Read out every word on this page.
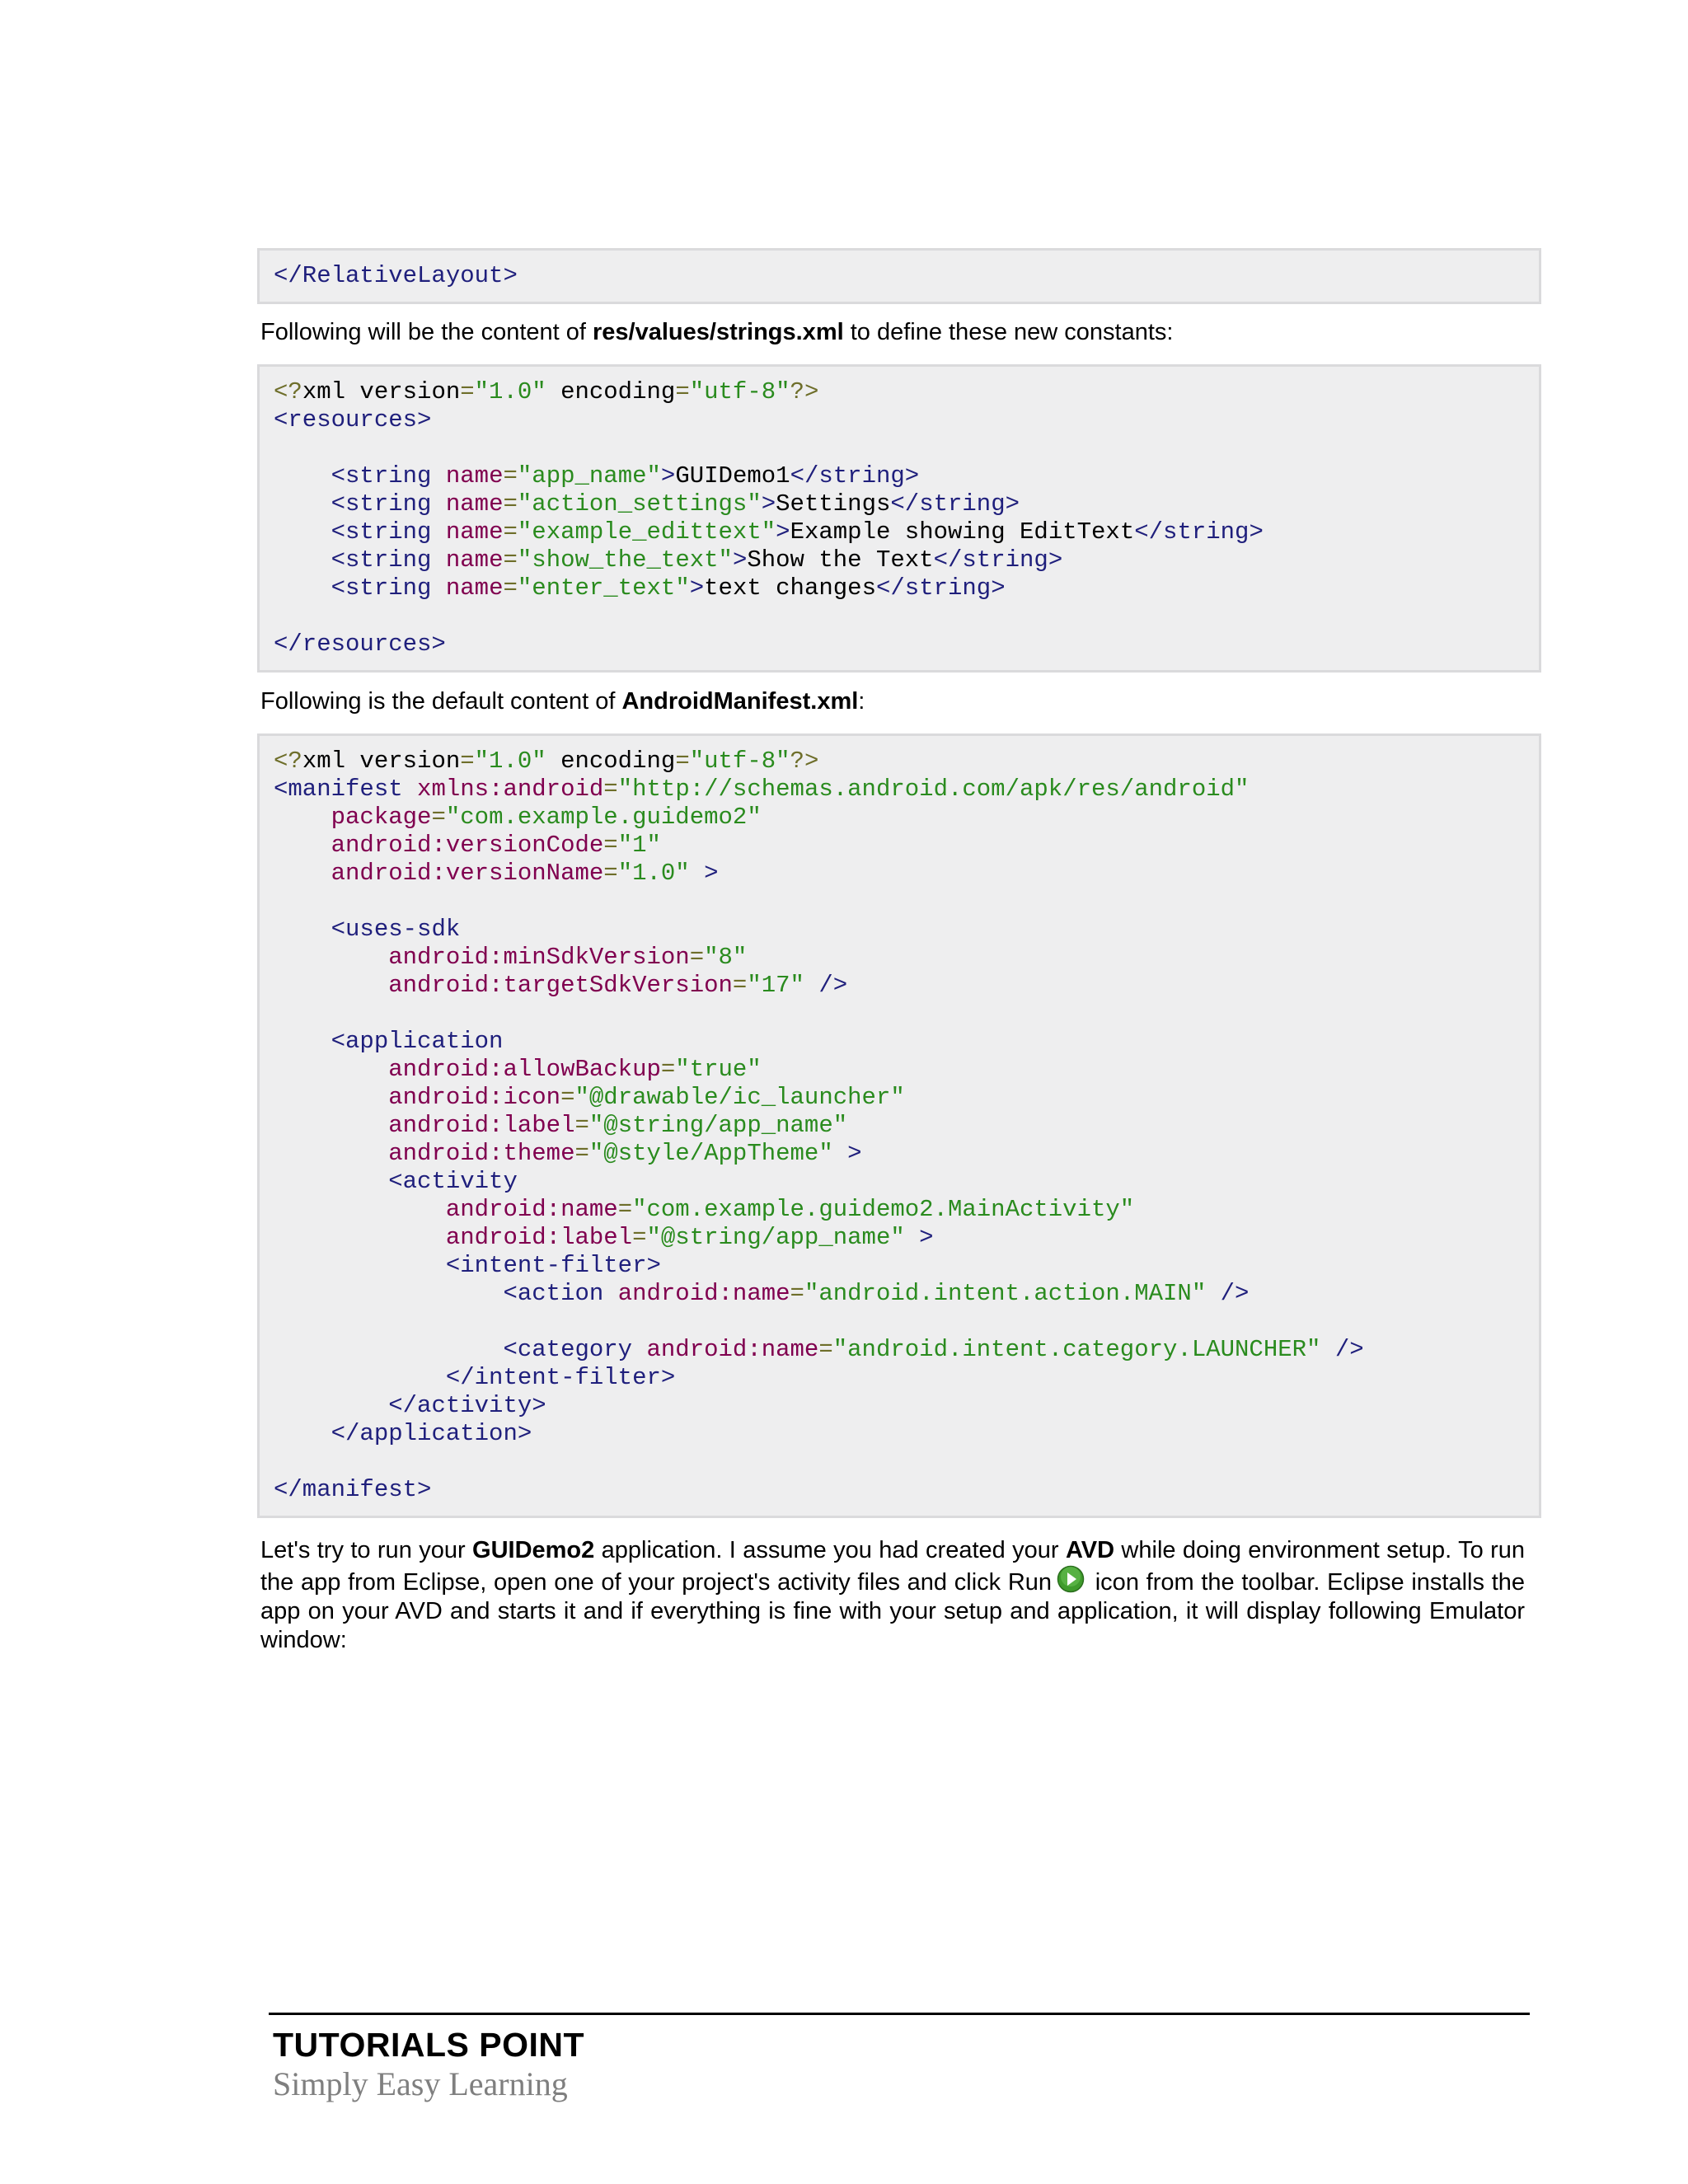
</RelativeLayout>
Following will be the content of res/values/strings.xml to define these new constants:
<?xml version="1.0" encoding="utf-8"?>
<resources>

<string name="app_name">GUIDemo1</string>
<string name="action_settings">Settings</string>
<string name="example_edittext">Example showing EditText</string>
<string name="show_the_text">Show the Text</string>
<string name="enter_text">text changes</string>

</resources>
Following is the default content of AndroidManifest.xml:
<?xml version="1.0" encoding="utf-8"?>
<manifest xmlns:android="http://schemas.android.com/apk/res/android"
package="com.example.guidemo2"
android:versionCode="1"
android:versionName="1.0" >

<uses-sdk
android:minSdkVersion="8"
android:targetSdkVersion="17" />

<application
android:allowBackup="true"
android:icon="@drawable/ic_launcher"
android:label="@string/app_name"
android:theme="@style/AppTheme" >
<activity
android:name="com.example.guidemo2.MainActivity"
android:label="@string/app_name" >
<intent-filter>
<action android:name="android.intent.action.MAIN" />

<category android:name="android.intent.category.LAUNCHER" />
</intent-filter>
</activity>
</application>

</manifest>
Let's try to run your GUIDemo2 application. I assume you had created your AVD while doing environment setup. To run the app from Eclipse, open one of your project's activity files and click Run icon from the toolbar. Eclipse installs the app on your AVD and starts it and if everything is fine with your setup and application, it will display following Emulator window:
TUTORIALS POINT
Simply Easy Learning
